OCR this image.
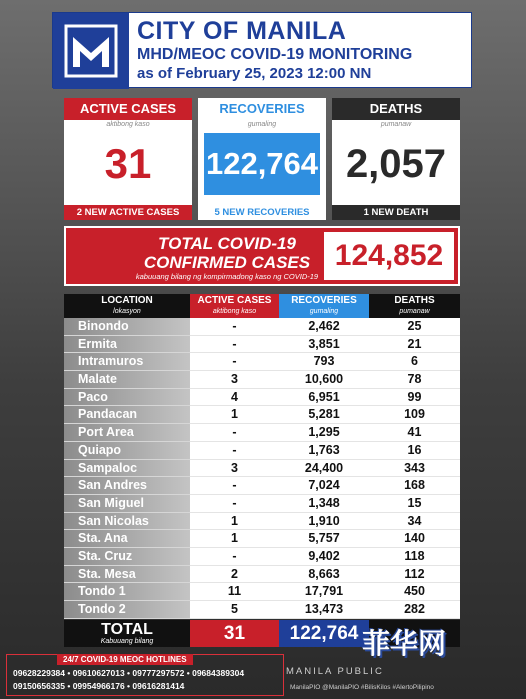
CITY OF MANILA
MHD/MEOC COVID-19 MONITORING
as of February 25, 2023 12:00 NN
ACTIVE CASES
aktibong kaso
31
2 NEW ACTIVE CASES
RECOVERIES
gumaling
122,764
5 NEW RECOVERIES
DEATHS
pumanaw
2,057
1 NEW DEATH
TOTAL COVID-19
CONFIRMED CASES
kabuuang bilang ng kompirmadong kaso ng COVID-19
124,852
LOCATION
lokasyon
ACTIVE CASES
aktibong kaso
RECOVERIES
gumaling
DEATHS
pumanaw
Binondo	-	2,462	25
Ermita	-	3,851	21
Intramuros	-	793	6
Malate	3	10,600	78
Paco	4	6,951	99
Pandacan	1	5,281	109
Port Area	-	1,295	41
Quiapo	-	1,763	16
Sampaloc	3	24,400	343
San Andres	-	7,024	168
San Miguel	-	1,348	15
San Nicolas	1	1,910	34
Sta. Ana	1	5,757	140
Sta. Cruz	-	9,402	118
Sta. Mesa	2	8,663	112
Tondo 1	11	17,791	450
Tondo 2	5	13,473	282
TOTAL
Kabuuang bilang	31	122,764 菲华网
24/7 COVID-19 MEOC HOTLINES
09628229384 • 09610627013 • 09777297572 • 09684389304
09150656335 • 09954966176 • 09616281414
MANILA PUBLIC
ManilaPIO @ManilaPIO #BilisKilos #AlertoPilipino
